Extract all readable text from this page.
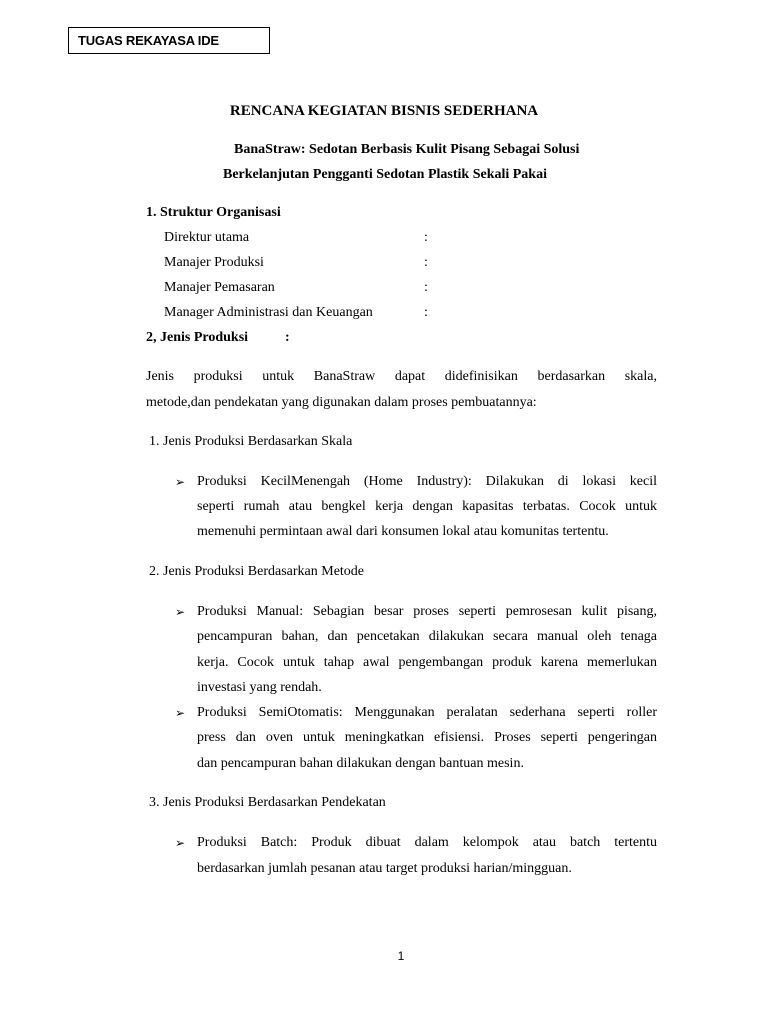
TUGAS REKAYASA IDE
RENCANA KEGIATAN BISNIS SEDERHANA
BanaStraw: Sedotan Berbasis Kulit Pisang Sebagai Solusi
Berkelanjutan Pengganti Sedotan Plastik Sekali Pakai
1. Struktur Organisasi
Direktur utama	:
Manajer Produksi	:
Manajer Pemasaran	:
Manager Administrasi dan Keuangan	:
2, Jenis Produksi	:
Jenis produksi untuk BanaStraw dapat didefinisikan berdasarkan skala,
metode,dan pendekatan yang digunakan dalam proses pembuatannya:
1. Jenis Produksi Berdasarkan Skala
➢ Produksi KecilMenengah (Home Industry): Dilakukan di lokasi kecil
seperti rumah atau bengkel kerja dengan kapasitas terbatas. Cocok untuk
memenuhi permintaan awal dari konsumen lokal atau komunitas tertentu.
2. Jenis Produksi Berdasarkan Metode
➢ Produksi Manual: Sebagian besar proses seperti pemrosesan kulit pisang,
pencampuran bahan, dan pencetakan dilakukan secara manual oleh tenaga
kerja. Cocok untuk tahap awal pengembangan produk karena memerlukan
investasi yang rendah.
➢ Produksi SemiOtomatis: Menggunakan peralatan sederhana seperti roller
press dan oven untuk meningkatkan efisiensi. Proses seperti pengeringan
dan pencampuran bahan dilakukan dengan bantuan mesin.
3. Jenis Produksi Berdasarkan Pendekatan
➢ Produksi Batch: Produk dibuat dalam kelompok atau batch tertentu
berdasarkan jumlah pesanan atau target produksi harian/mingguan.
1
